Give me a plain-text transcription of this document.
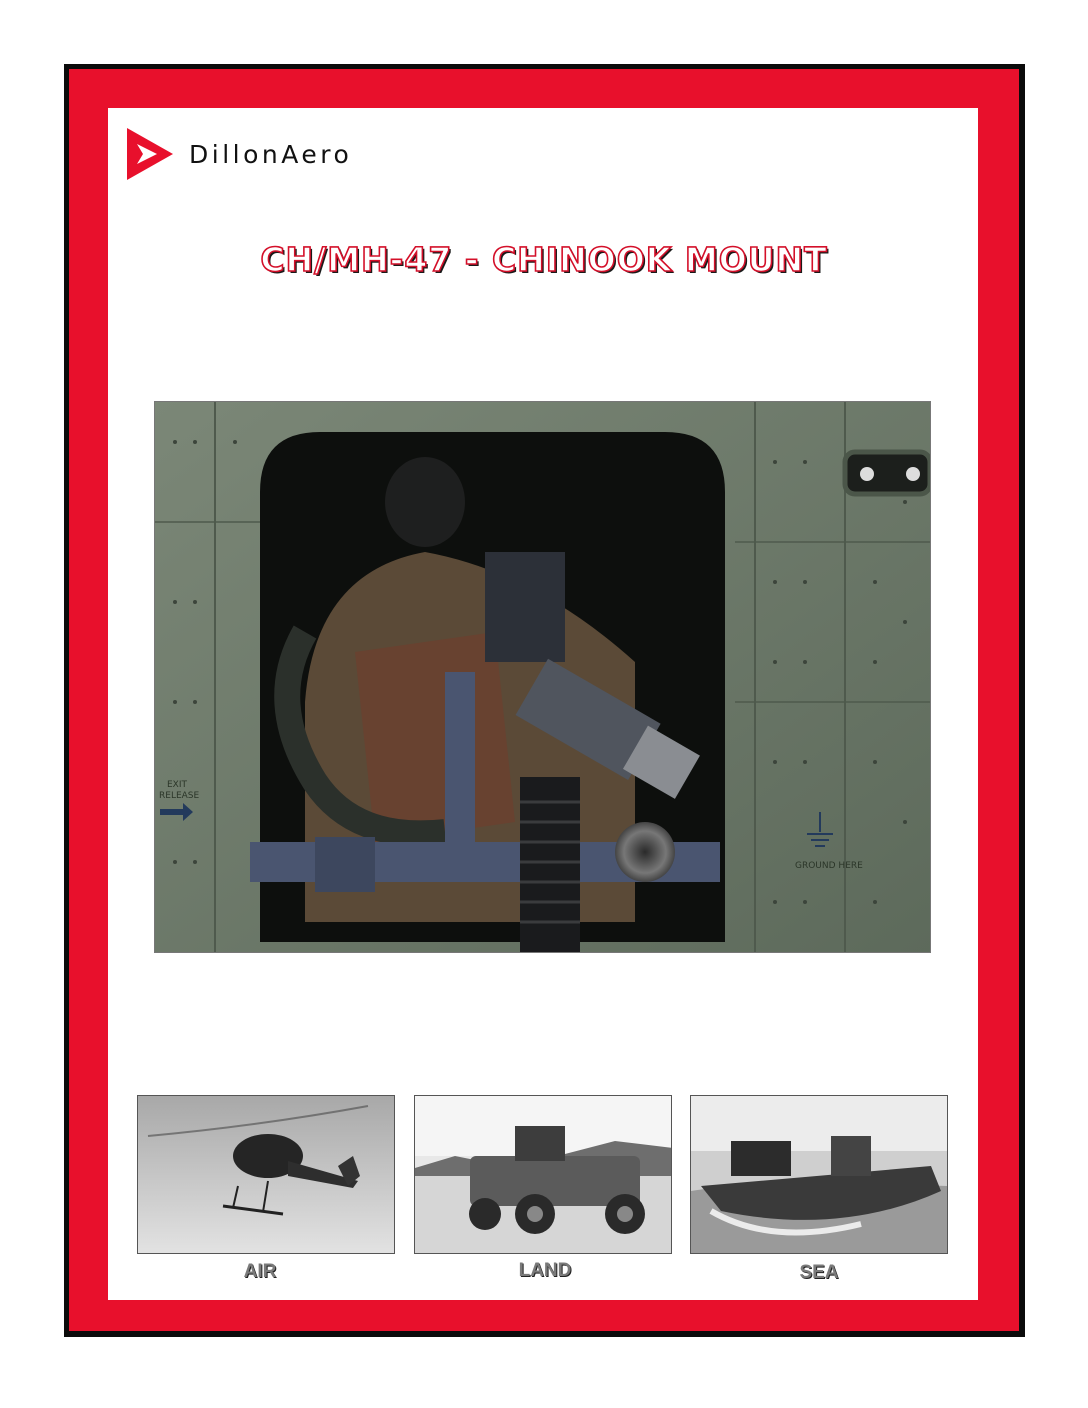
DillonAero
CH/MH-47 - CHINOOK MOUNT
EXIT
RELEASE
GROUND HERE
AIR	LAND	SEA
